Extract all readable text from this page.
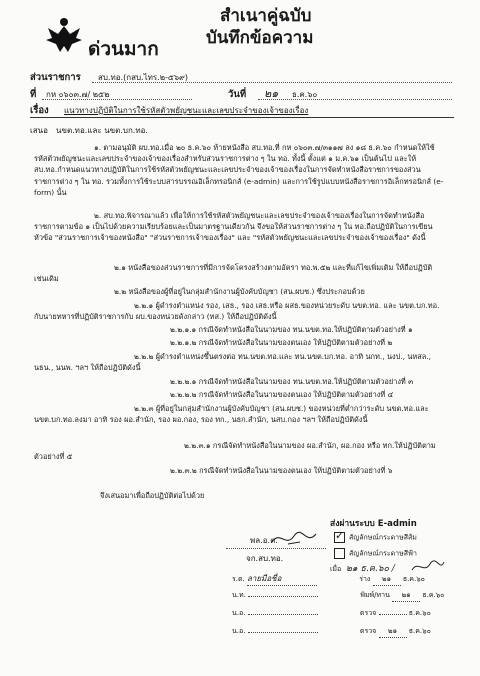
ด่วนมาก
สำเนาคู่ฉบับ
บันทึกข้อความ
ส่วนราชการ สบ.ทอ.(กสบ.ไทร.๒-๕๖๙)
ที่ กห ๐๖๐๓.๗/ ๒๕๒	วันที่ ๒๑ ธ.ค.๖๐
เรื่อง แนวทางปฏิบัติในการใช้รหัสตัวพยัญชนะและเลขประจำของเจ้าของเรื่อง
เสนอ นขต.ทอ.และ นขต.บก.ทอ.
๑. ตามอนุมัติ ผบ.ทอ.เมื่อ ๒๐ ธ.ค.๖๐ ท้ายหนังสือ สบ.ทอ.ที่ กห ๐๖๐๓.๗/๓๑๑๗ ลง ๑๘ ธ.ค.๖๐ กำหนดให้ใช้รหัสตัวพยัญชนะและเลขประจำของเจ้าของเรื่องสำหรับส่วนราชการต่าง ๆ ใน ทอ. ทั้งนี้ ตั้งแต่ ๑ ม.ค.๖๑ เป็นต้นไป และให้ สบ.ทอ.กำหนดแนวทางปฏิบัติในการใช้รหัสตัวพยัญชนะและเลขประจำของเจ้าของเรื่องในการจัดทำหนังสือราชการของส่วนราชการต่าง ๆ ใน ทอ. รวมทั้งการใช้ระบบสารบรรณอิเล็กทรอนิกส์ (e-admin) และการใช้รูปแบบหนังสือราชการอิเล็กทรอนิกส์ (e-form) นั้น
๒. สบ.ทอ.พิจารณาแล้ว เพื่อให้การใช้รหัสตัวพยัญชนะและเลขประจำของเจ้าของเรื่องในการจัดทำหนังสือราชการตามข้อ ๑ เป็นไปด้วยความเรียบร้อยและเป็นมาตรฐานเดียวกัน จึงขอให้ส่วนราชการต่าง ๆ ใน ทอ.ถือปฏิบัติในการเขียนหัวข้อ "ส่วนราชการเจ้าของหนังสือ" "ส่วนราชการเจ้าของเรื่อง" และ "รหัสตัวพยัญชนะและเลขประจำของเจ้าของเรื่อง" ดังนี้
๒.๑ หนังสือของส่วนราชการที่มีการจัดโครงสร้างตามอัตรา ทอ.พ.๕๒ และที่แก้ไขเพิ่มเติม ให้ถือปฏิบัติเช่นเดิม
๒.๒ หนังสือของผู้ที่อยู่ในกลุ่มสำนักงานผู้บังคับบัญชา (สน.ผบช.) ซึ่งประกอบด้วย
๒.๒.๑ ผู้ดำรงตำแหน่ง รอง, เสธ., รอง เสธ.หรือ ผสธ.ของหน่วยระดับ นขต.ทอ. และ นขต.บก.ทอ. กับนายทหารที่ปฏิบัติราชการกับ ผบ.ของหน่วยดังกล่าว (ทส.) ให้ถือปฏิบัติดังนี้
๒.๒.๑.๑ กรณีจัดทำหนังสือในนามของ ทน.นขต.ทอ.ให้ปฏิบัติตามตัวอย่างที่ ๑
๒.๒.๑.๒ กรณีจัดทำหนังสือในนามของตนเอง ให้ปฏิบัติตามตัวอย่างที่ ๒
๒.๒.๒ ผู้ดำรงตำแหน่งขึ้นตรงต่อ ทน.นขต.ทอ.และ ทน.นขต.บก.ทอ. อาทิ นกท., นงป., นหสล., นธน., นนพ. ฯลฯ ให้ถือปฏิบัติดังนี้
๒.๒.๒.๑ กรณีจัดทำหนังสือในนามของ ทน.นขต.ทอ.ให้ปฏิบัติตามตัวอย่างที่ ๓
๒.๒.๒.๒ กรณีจัดทำหนังสือในนามของตนเอง ให้ปฏิบัติตามตัวอย่างที่ ๔
๒.๒.๓ ผู้ที่อยู่ในกลุ่มสำนักงานผู้บังคับบัญชา (สน.ผบช.) ของหน่วยที่ต่ำกว่าระดับ นขต.ทอ.และ นขต.บก.ทอ.ลงมา อาทิ รอง ผอ.สำนัก, รอง ผอ.กอง, รอง ทก., นธก.สำนัก, นสบ.กอง ฯลฯ ให้ถือปฏิบัติดังนี้
๒.๒.๓.๑ กรณีจัดทำหนังสือในนามของ ผอ.สำนัก, ผอ.กอง หรือ ทก.ให้ปฏิบัติตามตัวอย่างที่ ๕
๒.๒.๓.๒ กรณีจัดทำหนังสือในนามของตนเอง ให้ปฏิบัติตามตัวอย่างที่ ๖
จึงเสนอมาเพื่อถือปฏิบัติต่อไปด้วย
ส่งผ่านระบบ E-admin
✓สัญลักษณ์กระดาษสีส้ม
สัญลักษณ์กระดาษสีฟ้า
เมื่อ ๒๑ ธ.ค.๖๐ /
พล.อ.ต.
จก.สบ.ทอ.
ร.ต. ลายมือชื่อ	ร่าง ๒๑ ธ.ค.๖๐
น.ท.	พิมพ์/ทาน ๒๑ ธ.ค.๖๐
น.อ.	ตรวจ	ธ.ค.๖๐
น.อ.	ตรวจ ๒๑ ธ.ค.๖๐
